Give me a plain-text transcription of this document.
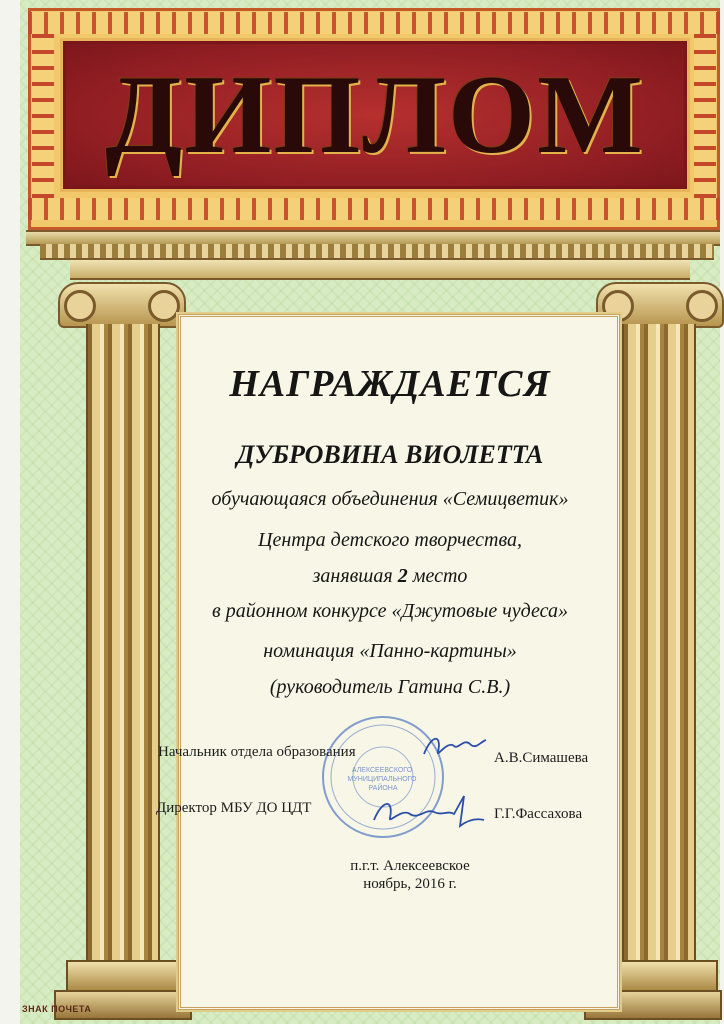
ДИПЛОМ
НАГРАЖДАЕТСЯ
ДУБРОВИНА ВИОЛЕТТА
обучающаяся объединения «Семицветик»
Центра детского творчества,
занявшая 2 место
в районном конкурсе «Джутовые чудеса»
номинация «Панно-картины»
(руководитель Гатина С.В.)
АЛЕКСЕЕВСКОГО МУНИЦИПАЛЬНОГО РАЙОНА
Начальник отдела образования	А.В.Симашева
Директор МБУ ДО ЦДТ	Г.Г.Фассахова
п.г.т. Алексеевское
ноябрь, 2016 г.
ЗНАК ПОЧЕТА
